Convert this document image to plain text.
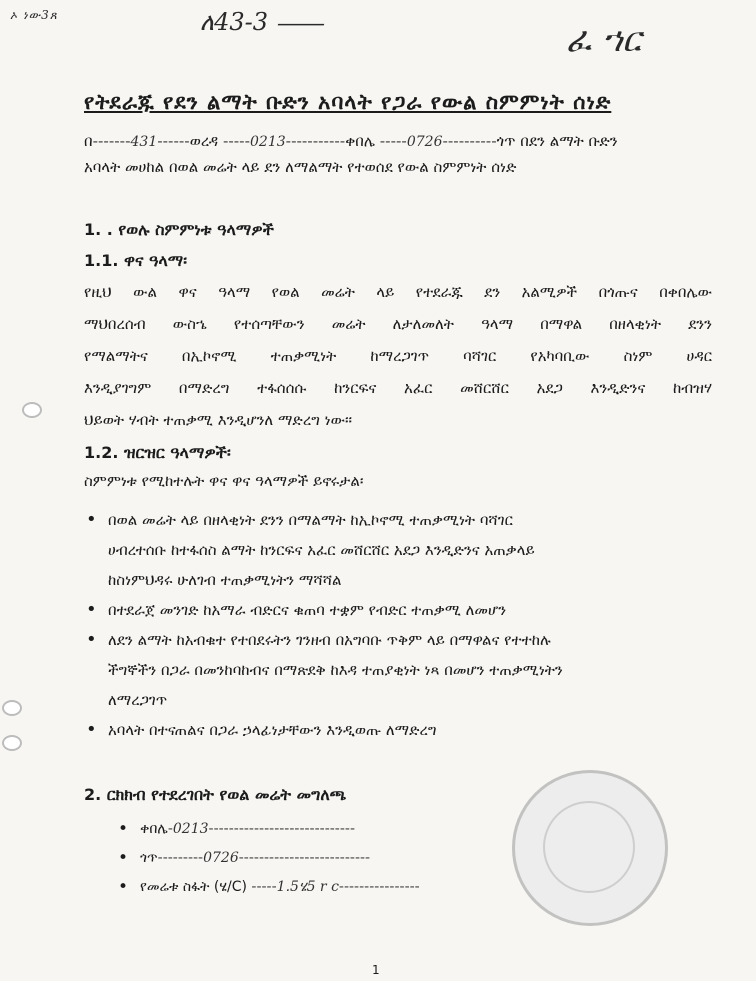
ኦ ነው3ጸ	ለ43-3 ⸺	ፈ ኀር
የትደራጁ የደን ልማት ቡድን አባላት የጋራ የውል ስምምነት ሰነድ
በ-------431------ወረዳ -----0213-----------ቀበሌ -----0726----------ጎጥ በደን ልማት ቡድን
አባላት መሀከል በወል መሬት ላይ ደን ለማልማት የተወሰደ የውል ስምምነት ሰነድ
1. . የወሉ ስምምነቱ ዓላማዎች
1.1. ዋና ዓላማ፡
የዚህ ውል ዋና ዓላማ የወል መሬት ላይ የተደራጁ ደን አልሚዎች በጎጡና በቀበሌው
ማህበረሰብ ውስኄ የተሰጣቸውን መሬት ለታለመለት ዓላማ በማዋል በዘላቂነት ደንን
የማልማትና በኢኮኖሚ ተጠቃሚነት ከማረጋገጥ ባሻገር የአካባቢው ስነም ሀዳር
እንዲያገግም በማድረግ ተፋሰሰሱ ከንርፍና አፈር መሸርሸር አደጋ እንዲድንና ከብዝሃ
ህይወት ሃብት ተጠቃሚ እንዲሆንለ ማድረግ ነው፡፡
1.2. ዝርዝር ዓላማዎች፡
ስምምነቱ የሚከተሉት ዋና ዋና ዓላማዎች ይኖሩታል፡
• በወል መሬት ላይ በዘላቂነት ደንን በማልማት ከኢኮኖሚ ተጠቃሚነት ባሻገር
ሀብረተሰቡ ከተፋሰስ ልማት ከንርፍና አፈር መሸርሸር አደጋ እንዲድንና አጠቃላይ
ከስነምህዳሩ ሁለገብ ተጠቃሚነትን ማሻሻል
• በተደራጀ መንገድ ከአማራ ብድርና ቁጠባ ተቋም የብድር ተጠቃሚ ለመሆን
• ለደን ልማት ከአብቁተ የተበደሩትን ገንዘብ በአግባቡ ጥቅም ላይ በማዋልና የተተከሉ
ችግኞችን በጋራ በመንከባከብና በማጽደቅ ከእዳ ተጠያቂነት ነጻ በመሆን ተጠቃሚነትን
ለማረጋገጥ
• አባላት በተናጠልና በጋራ ኃላፊነታቸውን እንዲወጡ ለማድረግ
2. ርክክብ የተደረገበት የወል መሬት መግለጫ
• ቀበሌ-0213-----------------------------
• ጎጥ---------0726--------------------------
• የመሬቱ ስፋት (ሄ/C) -----1.5ሄ5 r c----------------
1
